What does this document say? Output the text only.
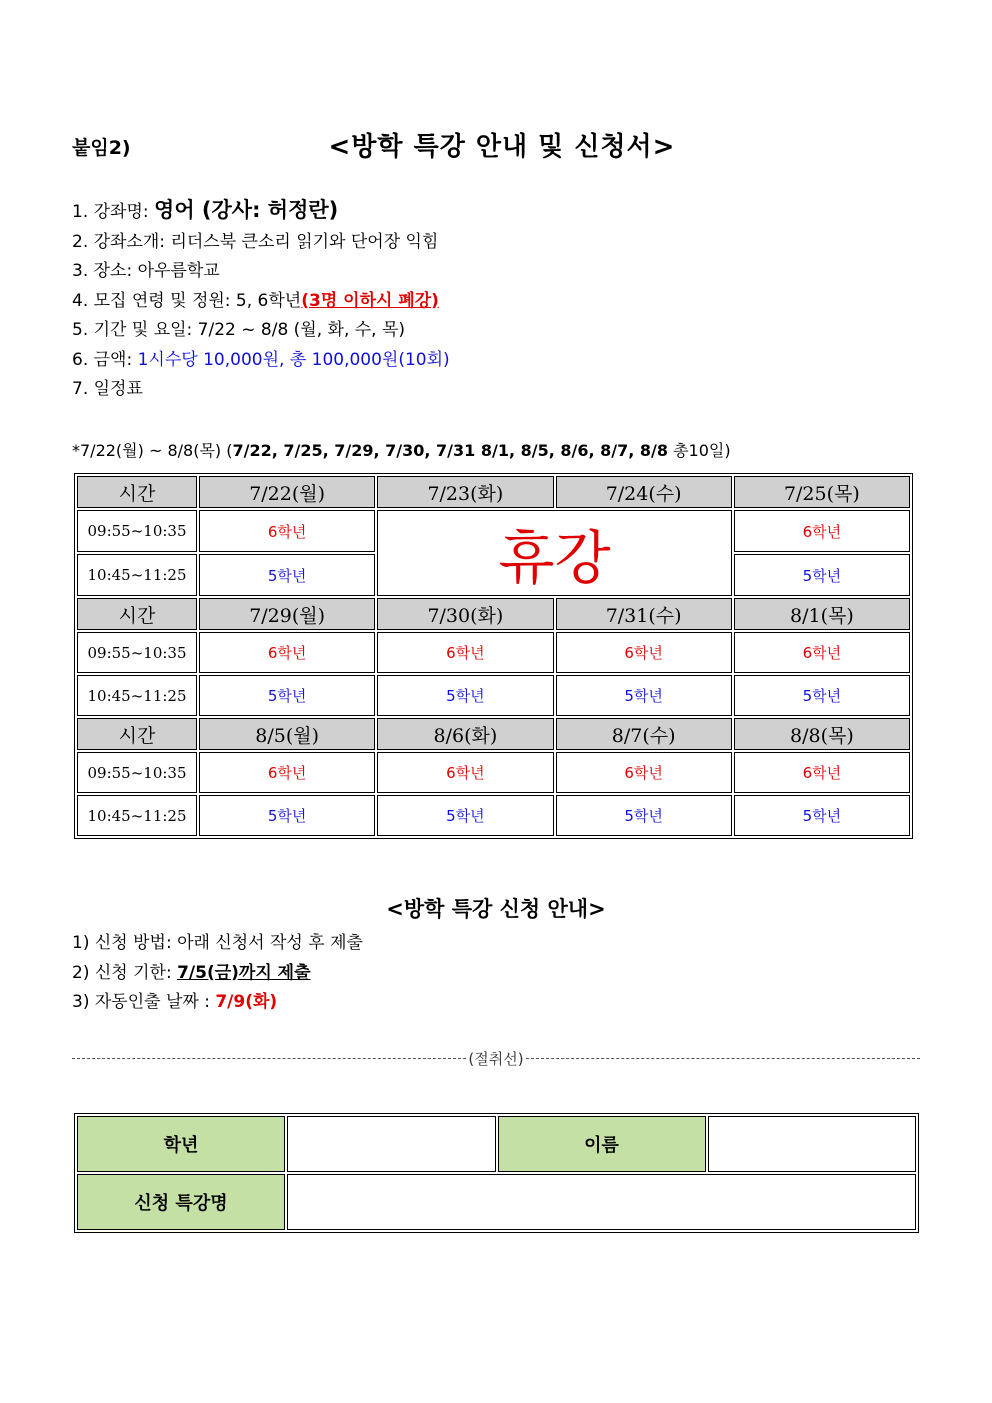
붙임2)	<방학 특강 안내 및 신청서>
1. 강좌명: 영어 (강사: 허정란)
2. 강좌소개: 리더스북 큰소리 읽기와 단어장 익힘
3. 장소: 아우름학교
4. 모집 연령 및 정원: 5, 6학년(3명 이하시 폐강)
5. 기간 및 요일: 7/22 ~ 8/8 (월, 화, 수, 목)
6. 금액: 1시수당 10,000원, 총 100,000원(10회)
7. 일정표
*7/22(월) ~ 8/8(목) (7/22, 7/25, 7/29, 7/30, 7/31 8/1, 8/5, 8/6, 8/7, 8/8 총10일)
시간	7/22(월)	7/23(화)	7/24(수)	7/25(목)
09:55~10:35	6학년	휴강		6학년
10:45~11:25	5학년			5학년
시간	7/29(월)	7/30(화)	7/31(수)	8/1(목)
09:55~10:35	6학년	6학년	6학년	6학년
10:45~11:25	5학년	5학년	5학년	5학년
시간	8/5(월)	8/6(화)	8/7(수)	8/8(목)
09:55~10:35	6학년	6학년	6학년	6학년
10:45~11:25	5학년	5학년	5학년	5학년
<방학 특강 신청 안내>
1) 신청 방법: 아래 신청서 작성 후 제출
2) 신청 기한: 7/5(금)까지 제출
3) 자동인출 날짜 : 7/9(화)
(절취선)
학년		이름	
신청 특강명			
